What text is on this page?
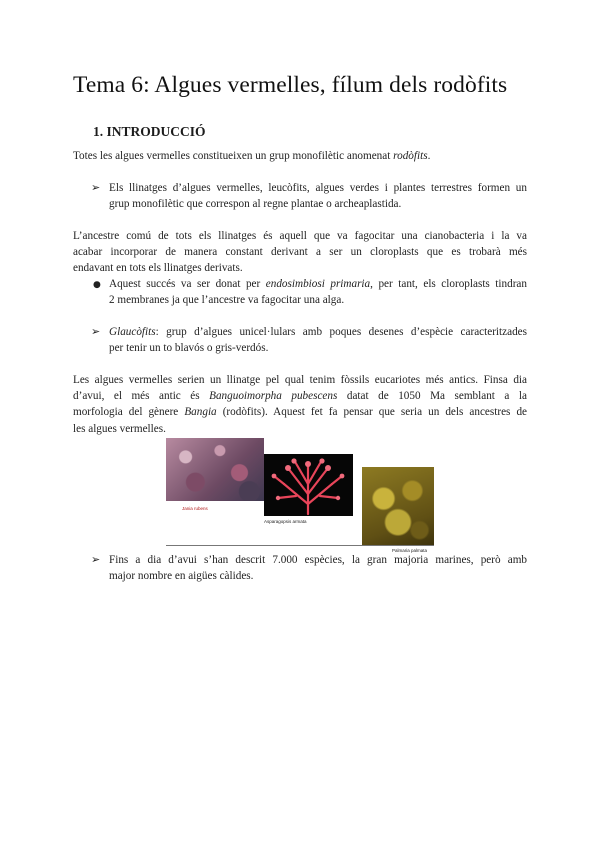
Tema 6: Algues vermelles, fílum dels rodòfits
1. INTRODUCCIÓ

Totes les algues vermelles constitueixen un grup monofilètic anomenat rodòfits.

➢ Els llinatges d’algues vermelles, leucòfits, algues verdes i plantes terrestres formen un
grup monofilètic que correspon al regne plantae o archeaplastida.

L’ancestre comú de tots els llinatges és aquell que va fagocitar una cianobacteria i la va
acabar incorporar de manera constant derivant a ser un cloroplasts que es trobarà més
endavant en tots els llinatges derivats.

● Aquest succés va ser donat per endosimbiosi primaria, per tant, els cloroplasts tindran
2 membranes ja que l’ancestre va fagocitar una alga.

➢ Glaucòfits: grup d’algues unicel·lulars amb poques desenes d’espècie caracteritzades
per tenir un to blavós o gris-verdós.

Les algues vermelles serien un llinatge pel qual tenim fòssils eucariotes més antics. Finsa dia
d’avui, el més antic és Banguoimorpha pubescens datat de 1050 Ma semblant a la
morfologia del gènere Bangia (rodòfits). Aquest fet fa pensar que seria un dels ancestres de
les algues vermelles.

Jania rubens
Asparagopsis armata
Palmaria palmata
➢ Fins a dia d’avui s’han descrit 7.000 espècies, la gran majoria marines, però amb
major nombre en aigües càlides.
